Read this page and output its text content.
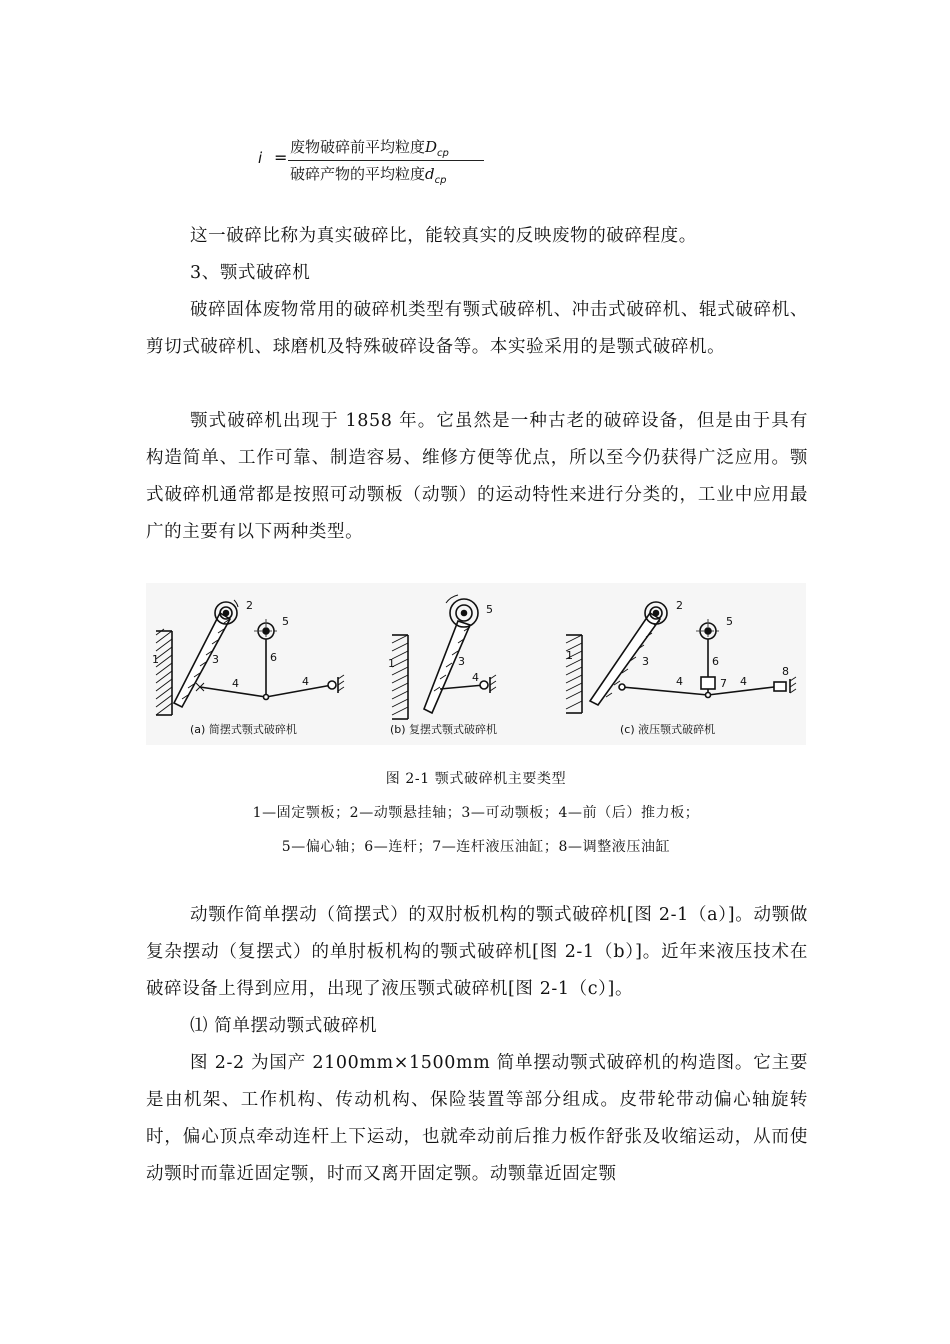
i =
废物破碎前平均粒度$D_{cp}$
破碎产物的平均粒度$d_{cp}$

这一破碎比称为真实破碎比，能较真实的反映废物的破碎程度。

3、颚式破碎机

破碎固体废物常用的破碎机类型有颚式破碎机、冲击式破碎机、辊式破碎机、剪切式破碎机、球磨机及特殊破碎设备等。本实验采用的是颚式破碎机。

颚式破碎机出现于 1858 年。它虽然是一种古老的破碎设备，但是由于具有构造简单、工作可靠、制造容易、维修方便等优点，所以至今仍获得广泛应用。颚式破碎机通常都是按照可动颚板（动颚）的运动特性来进行分类的，工业中应用最广的主要有以下两种类型。

1
2
3
4	4
5
6	1	3
4
5
1
2
3
4	4
5
6
7
8
(a) 简摆式颚式破碎机	(b) 复摆式颚式破碎机	(c) 液压颚式破碎机

图 2-1 颚式破碎机主要类型

1—固定颚板；2—动颚悬挂轴；3—可动颚板；4—前（后）推力板；

5—偏心轴；6—连杆；7—连杆液压油缸；8—调整液压油缸

动颚作简单摆动（简摆式）的双肘板机构的颚式破碎机[图 2-1（a）]。动颚做复杂摆动（复摆式）的单肘板机构的颚式破碎机[图 2-1（b）]。近年来液压技术在破碎设备上得到应用，出现了液压颚式破碎机[图 2-1（c）]。

⑴ 简单摆动颚式破碎机

图 2-2 为国产 2100mm×1500mm 简单摆动颚式破碎机的构造图。它主要是由机架、工作机构、传动机构、保险装置等部分组成。皮带轮带动偏心轴旋转时，偏心顶点牵动连杆上下运动，也就牵动前后推力板作舒张及收缩运动，从而使动颚时而靠近固定颚，时而又离开固定颚。动颚靠近固定颚
